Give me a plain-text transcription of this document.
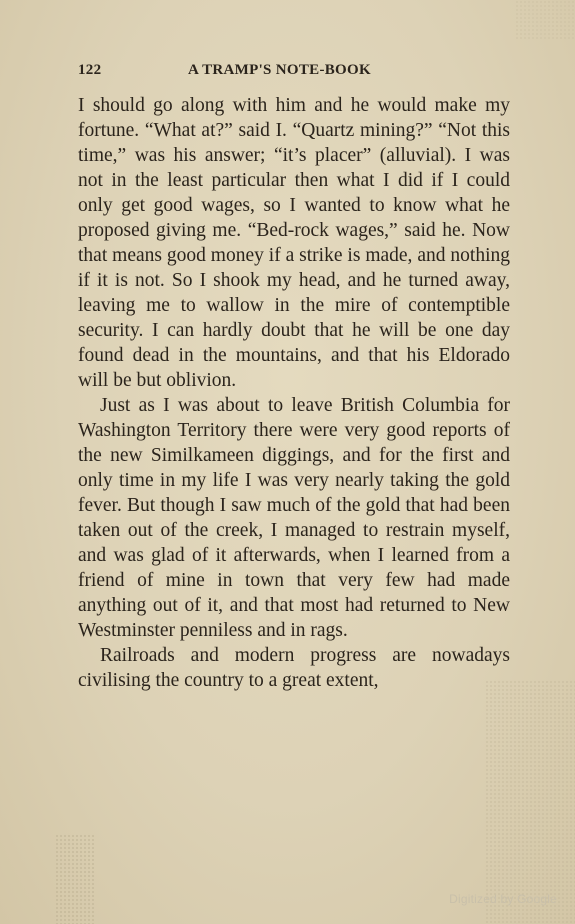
122	A TRAMP'S NOTE-BOOK

I should go along with him and he would make my fortune. “What at?” said I. “Quartz mining?” “Not this time,” was his answer; “it’s placer” (alluvial). I was not in the least particular then what I did if I could only get good wages, so I wanted to know what he proposed giving me. “Bed-rock wages,” said he. Now that means good money if a strike is made, and nothing if it is not. So I shook my head, and he turned away, leaving me to wallow in the mire of contemptible security. I can hardly doubt that he will be one day found dead in the mountains, and that his Eldorado will be but oblivion.

Just as I was about to leave British Columbia for Washington Territory there were very good reports of the new Similkameen diggings, and for the first and only time in my life I was very nearly taking the gold fever. But though I saw much of the gold that had been taken out of the creek, I managed to restrain myself, and was glad of it afterwards, when I learned from a friend of mine in town that very few had made anything out of it, and that most had returned to New Westminster penniless and in rags.

Railroads and modern progress are nowadays civilising the country to a great extent,

Digitized by Google
